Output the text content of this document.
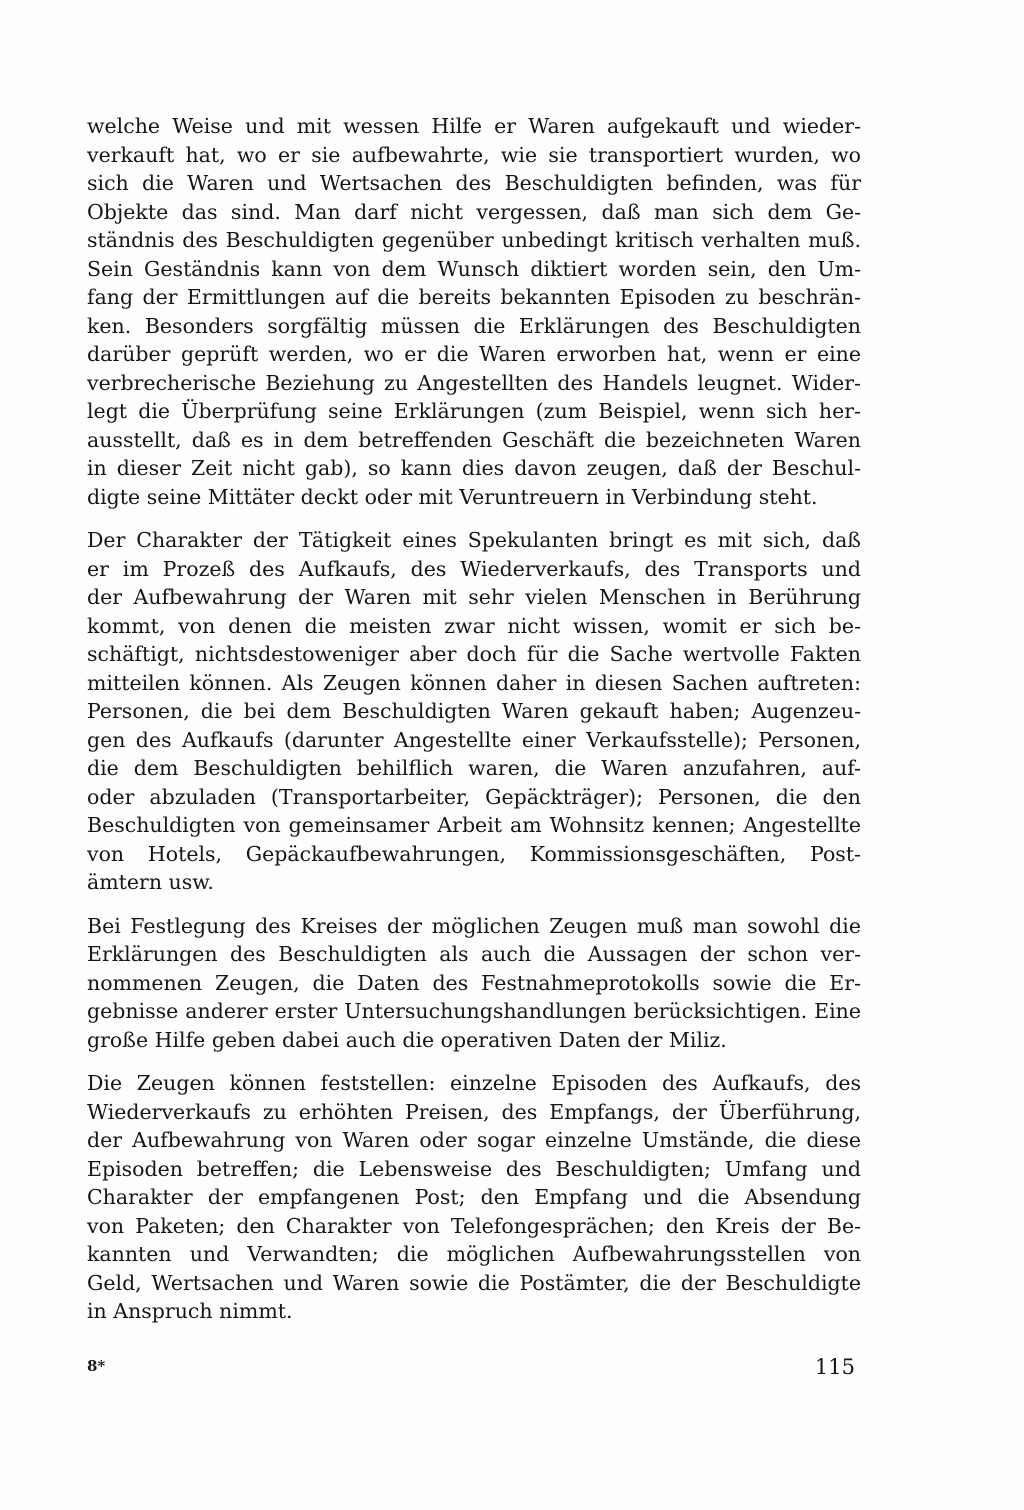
welche Weise und mit wessen Hilfe er Waren aufgekauft und wieder-
verkauft hat, wo er sie aufbewahrte, wie sie transportiert wurden, wo
sich die Waren und Wertsachen des Beschuldigten befinden, was für
Objekte das sind. Man darf nicht vergessen, daß man sich dem Ge-
ständnis des Beschuldigten gegenüber unbedingt kritisch verhalten muß.
Sein Geständnis kann von dem Wunsch diktiert worden sein, den Um-
fang der Ermittlungen auf die bereits bekannten Episoden zu beschrän-
ken. Besonders sorgfältig müssen die Erklärungen des Beschuldigten
darüber geprüft werden, wo er die Waren erworben hat, wenn er eine
verbrecherische Beziehung zu Angestellten des Handels leugnet. Wider-
legt die Überprüfung seine Erklärungen (zum Beispiel, wenn sich her-
ausstellt, daß es in dem betreffenden Geschäft die bezeichneten Waren
in dieser Zeit nicht gab), so kann dies davon zeugen, daß der Beschul-
digte seine Mittäter deckt oder mit Veruntreuern in Verbindung steht.

Der Charakter der Tätigkeit eines Spekulanten bringt es mit sich, daß
er im Prozeß des Aufkaufs, des Wiederverkaufs, des Transports und
der Aufbewahrung der Waren mit sehr vielen Menschen in Berührung
kommt, von denen die meisten zwar nicht wissen, womit er sich be-
schäftigt, nichtsdestoweniger aber doch für die Sache wertvolle Fakten
mitteilen können. Als Zeugen können daher in diesen Sachen auftreten:
Personen, die bei dem Beschuldigten Waren gekauft haben; Augenzeu-
gen des Aufkaufs (darunter Angestellte einer Verkaufsstelle); Personen,
die dem Beschuldigten behilflich waren, die Waren anzufahren, auf-
oder abzuladen (Transportarbeiter, Gepäckträger); Personen, die den
Beschuldigten von gemeinsamer Arbeit am Wohnsitz kennen; Angestellte
von Hotels, Gepäckaufbewahrungen, Kommissionsgeschäften, Post-
ämtern usw.

Bei Festlegung des Kreises der möglichen Zeugen muß man sowohl die
Erklärungen des Beschuldigten als auch die Aussagen der schon ver-
nommenen Zeugen, die Daten des Festnahmeprotokolls sowie die Er-
gebnisse anderer erster Untersuchungshandlungen berücksichtigen. Eine
große Hilfe geben dabei auch die operativen Daten der Miliz.

Die Zeugen können feststellen: einzelne Episoden des Aufkaufs, des
Wiederverkaufs zu erhöhten Preisen, des Empfangs, der Überführung,
der Aufbewahrung von Waren oder sogar einzelne Umstände, die diese
Episoden betreffen; die Lebensweise des Beschuldigten; Umfang und
Charakter der empfangenen Post; den Empfang und die Absendung
von Paketen; den Charakter von Telefongesprächen; den Kreis der Be-
kannten und Verwandten; die möglichen Aufbewahrungsstellen von
Geld, Wertsachen und Waren sowie die Postämter, die der Beschuldigte
in Anspruch nimmt.

8*	115
